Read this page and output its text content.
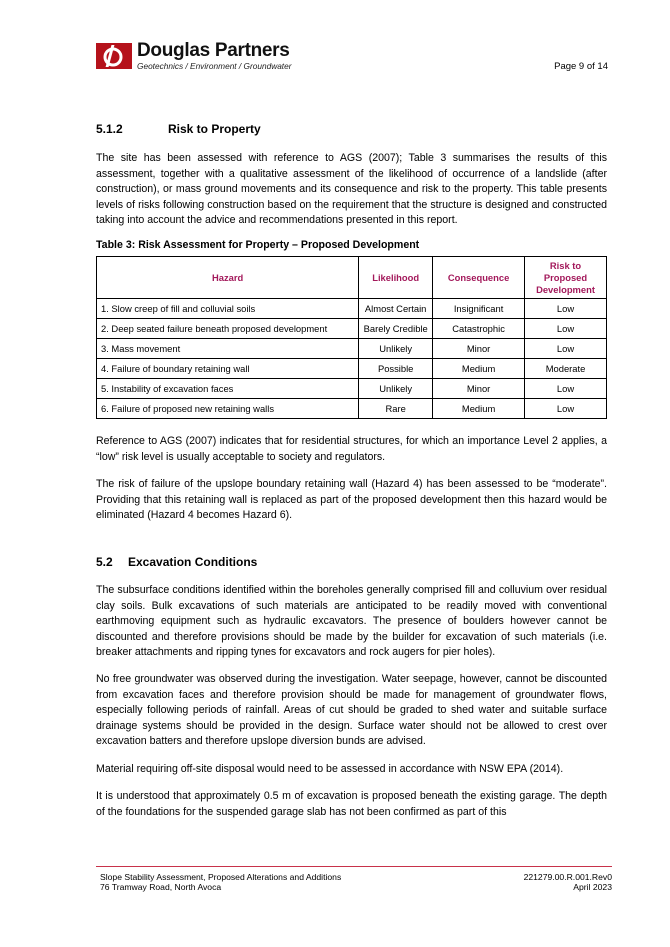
Douglas Partners
Geotechnics / Environment / Groundwater	Page 9 of 14
5.1.2	Risk to Property

The site has been assessed with reference to AGS (2007); Table 3 summarises the results of this assessment, together with a qualitative assessment of the likelihood of occurrence of a landslide (after construction), or mass ground movements and its consequence and risk to the property. This table presents levels of risks following construction based on the requirement that the structure is designed and constructed taking into account the advice and recommendations presented in this report.

Table 3: Risk Assessment for Property – Proposed Development
Hazard	Likelihood	Consequence	Risk to Proposed Development
1. Slow creep of fill and colluvial soils	Almost Certain	Insignificant	Low
2. Deep seated failure beneath proposed development	Barely Credible	Catastrophic	Low
3. Mass movement	Unlikely	Minor	Low
4. Failure of boundary retaining wall	Possible	Medium	Moderate
5. Instability of excavation faces	Unlikely	Minor	Low
6. Failure of proposed new retaining walls	Rare	Medium	Low

Reference to AGS (2007) indicates that for residential structures, for which an importance Level 2 applies, a “low” risk level is usually acceptable to society and regulators.

The risk of failure of the upslope boundary retaining wall (Hazard 4) has been assessed to be “moderate”. Providing that this retaining wall is replaced as part of the proposed development then this hazard would be eliminated (Hazard 4 becomes Hazard 6).

5.2 Excavation Conditions

The subsurface conditions identified within the boreholes generally comprised fill and colluvium over residual clay soils. Bulk excavations of such materials are anticipated to be readily moved with conventional earthmoving equipment such as hydraulic excavators. The presence of boulders however cannot be discounted and therefore provisions should be made by the builder for excavation of such materials (i.e. breaker attachments and ripping tynes for excavators and rock augers for pier holes).

No free groundwater was observed during the investigation. Water seepage, however, cannot be discounted from excavation faces and therefore provision should be made for management of groundwater flows, especially following periods of rainfall. Areas of cut should be graded to shed water and suitable surface drainage systems should be provided in the design. Surface water should not be allowed to crest over excavation batters and therefore upslope diversion bunds are advised.

Material requiring off-site disposal would need to be assessed in accordance with NSW EPA (2014).

It is understood that approximately 0.5 m of excavation is proposed beneath the existing garage. The depth of the foundations for the suspended garage slab has not been confirmed as part of this

Slope Stability Assessment, Proposed Alterations and Additions
76 Tramway Road, North Avoca
221279.00.R.001.Rev0
April 2023
